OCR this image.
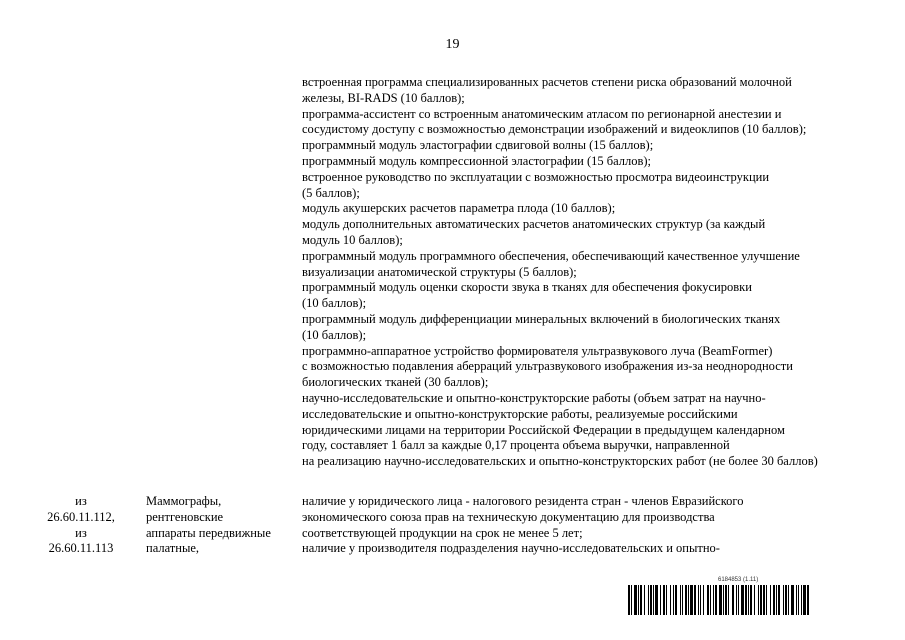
19
встроенная программа специализированных расчетов степени риска образований молочной
железы, BI-RADS (10 баллов);
программа-ассистент со встроенным анатомическим атласом по регионарной анестезии и
сосудистому доступу с возможностью демонстрации изображений и видеоклипов (10 баллов);
программный модуль эластографии сдвиговой волны (15 баллов);
программный модуль компрессионной эластографии (15 баллов);
встроенное руководство по эксплуатации с возможностью просмотра видеоинструкции
(5 баллов);
модуль акушерских расчетов параметра плода (10 баллов);
модуль дополнительных автоматических расчетов анатомических структур (за каждый
модуль 10 баллов);
программный модуль программного обеспечения, обеспечивающий качественное улучшение
визуализации анатомической структуры (5 баллов);
программный модуль оценки скорости звука в тканях для обеспечения фокусировки
(10 баллов);
программный модуль дифференциации минеральных включений в биологических тканях
(10 баллов);
программно-аппаратное устройство формирователя ультразвукового луча (BeamFormer)
с возможностью подавления аберраций ультразвукового изображения из-за неоднородности
биологических тканей (30 баллов);
научно-исследовательские и опытно-конструкторские работы (объем затрат на научно-
исследовательские и опытно-конструкторские работы, реализуемые российскими
юридическими лицами на территории Российской Федерации в предыдущем календарном
году, составляет 1 балл за каждые 0,17 процента объема выручки, направленной
на реализацию научно-исследовательских и опытно-конструкторских работ (не более 30 баллов)
из
26.60.11.112,
из
26.60.11.113
Маммографы,
рентгеновские
аппараты передвижные
палатные,
наличие у юридического лица - налогового резидента стран - членов Евразийского
экономического союза прав на техническую документацию для производства
соответствующей продукции на срок не менее 5 лет;
наличие у производителя подразделения научно-исследовательских и опытно-
6184853 (1.11)
